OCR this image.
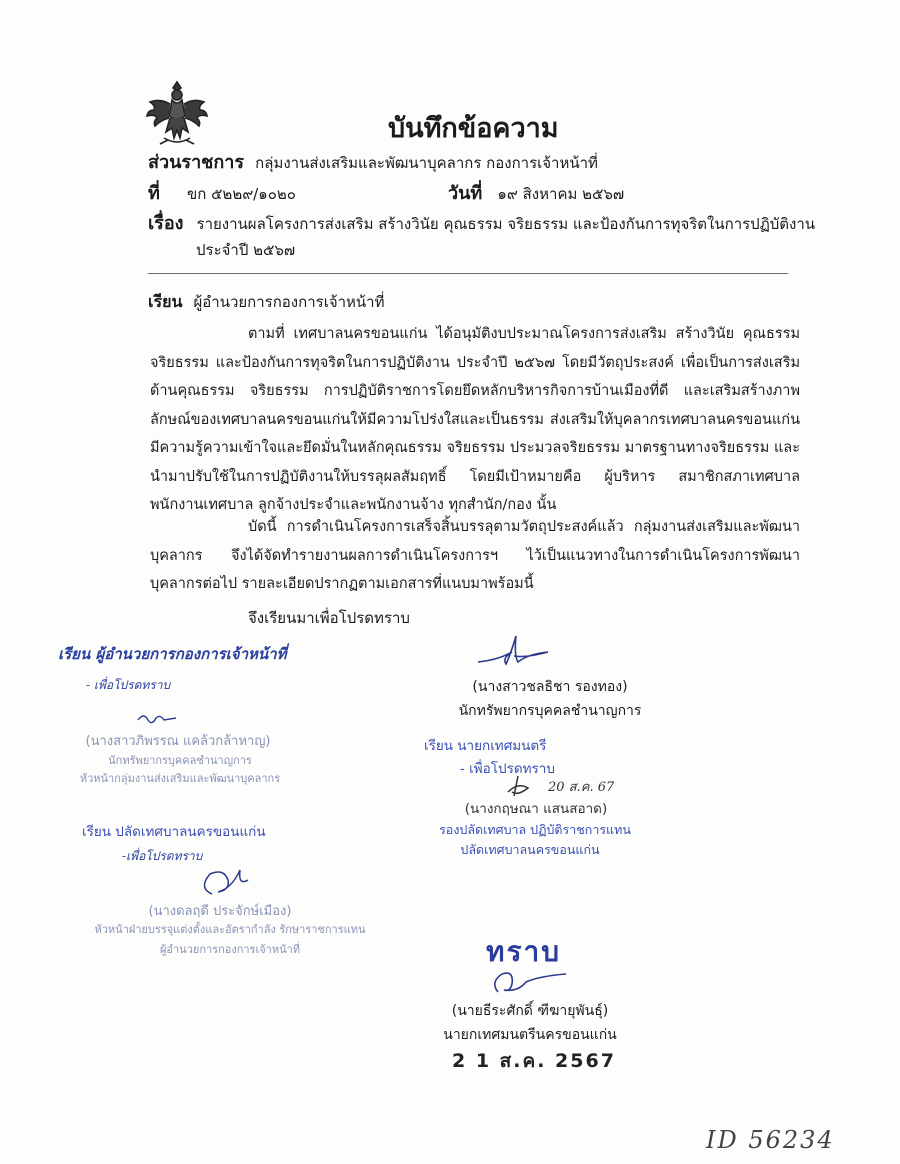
บันทึกข้อความ
ส่วนราชการ กลุ่มงานส่งเสริมและพัฒนาบุคลากร กองการเจ้าหน้าที่
ที่ ขก ๕๒๒๙/๑๐๒๐	วันที่ ๑๙ สิงหาคม ๒๕๖๗
เรื่อง รายงานผลโครงการส่งเสริม สร้างวินัย คุณธรรม จริยธรรม และป้องกันการทุจริตในการปฏิบัติงาน
ประจำปี ๒๕๖๗
เรียน ผู้อำนวยการกองการเจ้าหน้าที่
ตามที่ เทศบาลนครขอนแก่น ได้อนุมัติงบประมาณโครงการส่งเสริม สร้างวินัย คุณธรรม จริยธรรม และป้องกันการทุจริตในการปฏิบัติงาน ประจำปี ๒๕๖๗ โดยมีวัตถุประสงค์ เพื่อเป็นการส่งเสริมด้านคุณธรรม จริยธรรม การปฏิบัติราชการโดยยึดหลักบริหารกิจการบ้านเมืองที่ดี และเสริมสร้างภาพลักษณ์ของเทศบาลนครขอนแก่นให้มีความโปร่งใสและเป็นธรรม ส่งเสริมให้บุคลากรเทศบาลนครขอนแก่น มีความรู้ความเข้าใจและยึดมั่นในหลักคุณธรรม จริยธรรม ประมวลจริยธรรม มาตรฐานทางจริยธรรม และนำมาปรับใช้ในการปฏิบัติงานให้บรรลุผลสัมฤทธิ์ โดยมีเป้าหมายคือ ผู้บริหาร สมาชิกสภาเทศบาล พนักงานเทศบาล ลูกจ้างประจำและพนักงานจ้าง ทุกสำนัก/กอง นั้น
บัดนี้ การดำเนินโครงการเสร็จสิ้นบรรลุตามวัตถุประสงค์แล้ว กลุ่มงานส่งเสริมและพัฒนาบุคลากร จึงได้จัดทำรายงานผลการดำเนินโครงการฯ ไว้เป็นแนวทางในการดำเนินโครงการพัฒนาบุคลากรต่อไป รายละเอียดปรากฏตามเอกสารที่แนบมาพร้อมนี้
จึงเรียนมาเพื่อโปรดทราบ
(นางสาวชลธิชา รองทอง)
นักทรัพยากรบุคคลชำนาญการ
เรียน ผู้อำนวยการกองการเจ้าหน้าที่
- เพื่อโปรดทราบ
(นางสาวภิพรรณ แคล้วกล้าหาญ)
นักทรัพยากรบุคคลชำนาญการ
หัวหน้ากลุ่มงานส่งเสริมและพัฒนาบุคลากร
เรียน ปลัดเทศบาลนครขอนแก่น
-เพื่อโปรดทราบ
(นางดลฤดี ประจักษ์เมือง)
หัวหน้าฝ่ายบรรจุแต่งตั้งและอัตรากำลัง รักษาราชการแทน
ผู้อำนวยการกองการเจ้าหน้าที่
เรียน นายกเทศมนตรี
- เพื่อโปรดทราบ
20 ส.ค. 67
(นางกฤษณา แสนสอาด)
รองปลัดเทศบาล ปฏิบัติราชการแทน
ปลัดเทศบาลนครขอนแก่น
ทราบ
(นายธีระศักดิ์ ฑีฆายุพันธุ์)
นายกเทศมนตรีนครขอนแก่น
2 1 ส.ค. 2567
ID 56234
